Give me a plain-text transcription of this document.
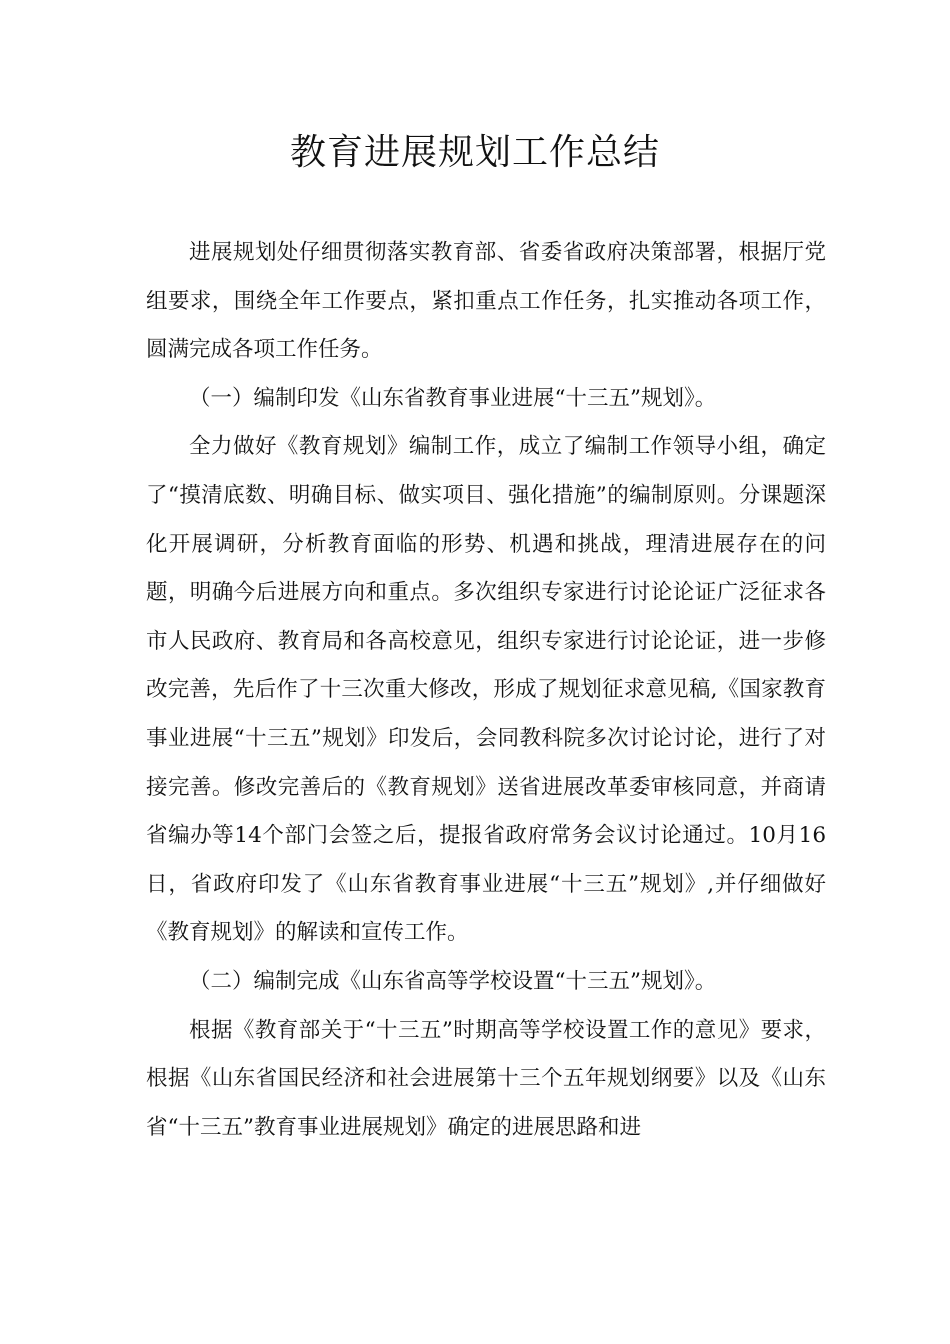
教育进展规划工作总结

进展规划处仔细贯彻落实教育部、省委省政府决策部署，根据厅党组要求，围绕全年工作要点，紧扣重点工作任务，扎实推动各项工作，圆满完成各项工作任务。

（一）编制印发《山东省教育事业进展“十三五”规划》。

全力做好《教育规划》编制工作，成立了编制工作领导小组，确定了“摸清底数、明确目标、做实项目、强化措施”的编制原则。分课题深化开展调研，分析教育面临的形势、机遇和挑战，理清进展存在的问题，明确今后进展方向和重点。多次组织专家进行讨论论证广泛征求各市人民政府、教育局和各高校意见，组织专家进行讨论论证，进一步修改完善，先后作了十三次重大修改，形成了规划征求意见稿,《国家教育事业进展“十三五”规划》印发后，会同教科院多次讨论讨论，进行了对接完善。修改完善后的《教育规划》送省进展改革委审核同意，并商请省编办等14个部门会签之后，提报省政府常务会议讨论通过。10月16日，省政府印发了《山东省教育事业进展“十三五”规划》,并仔细做好《教育规划》的解读和宣传工作。

（二）编制完成《山东省高等学校设置“十三五”规划》。

根据《教育部关于“十三五”时期高等学校设置工作的意见》要求，根据《山东省国民经济和社会进展第十三个五年规划纲要》以及《山东省“十三五”教育事业进展规划》确定的进展思路和进
